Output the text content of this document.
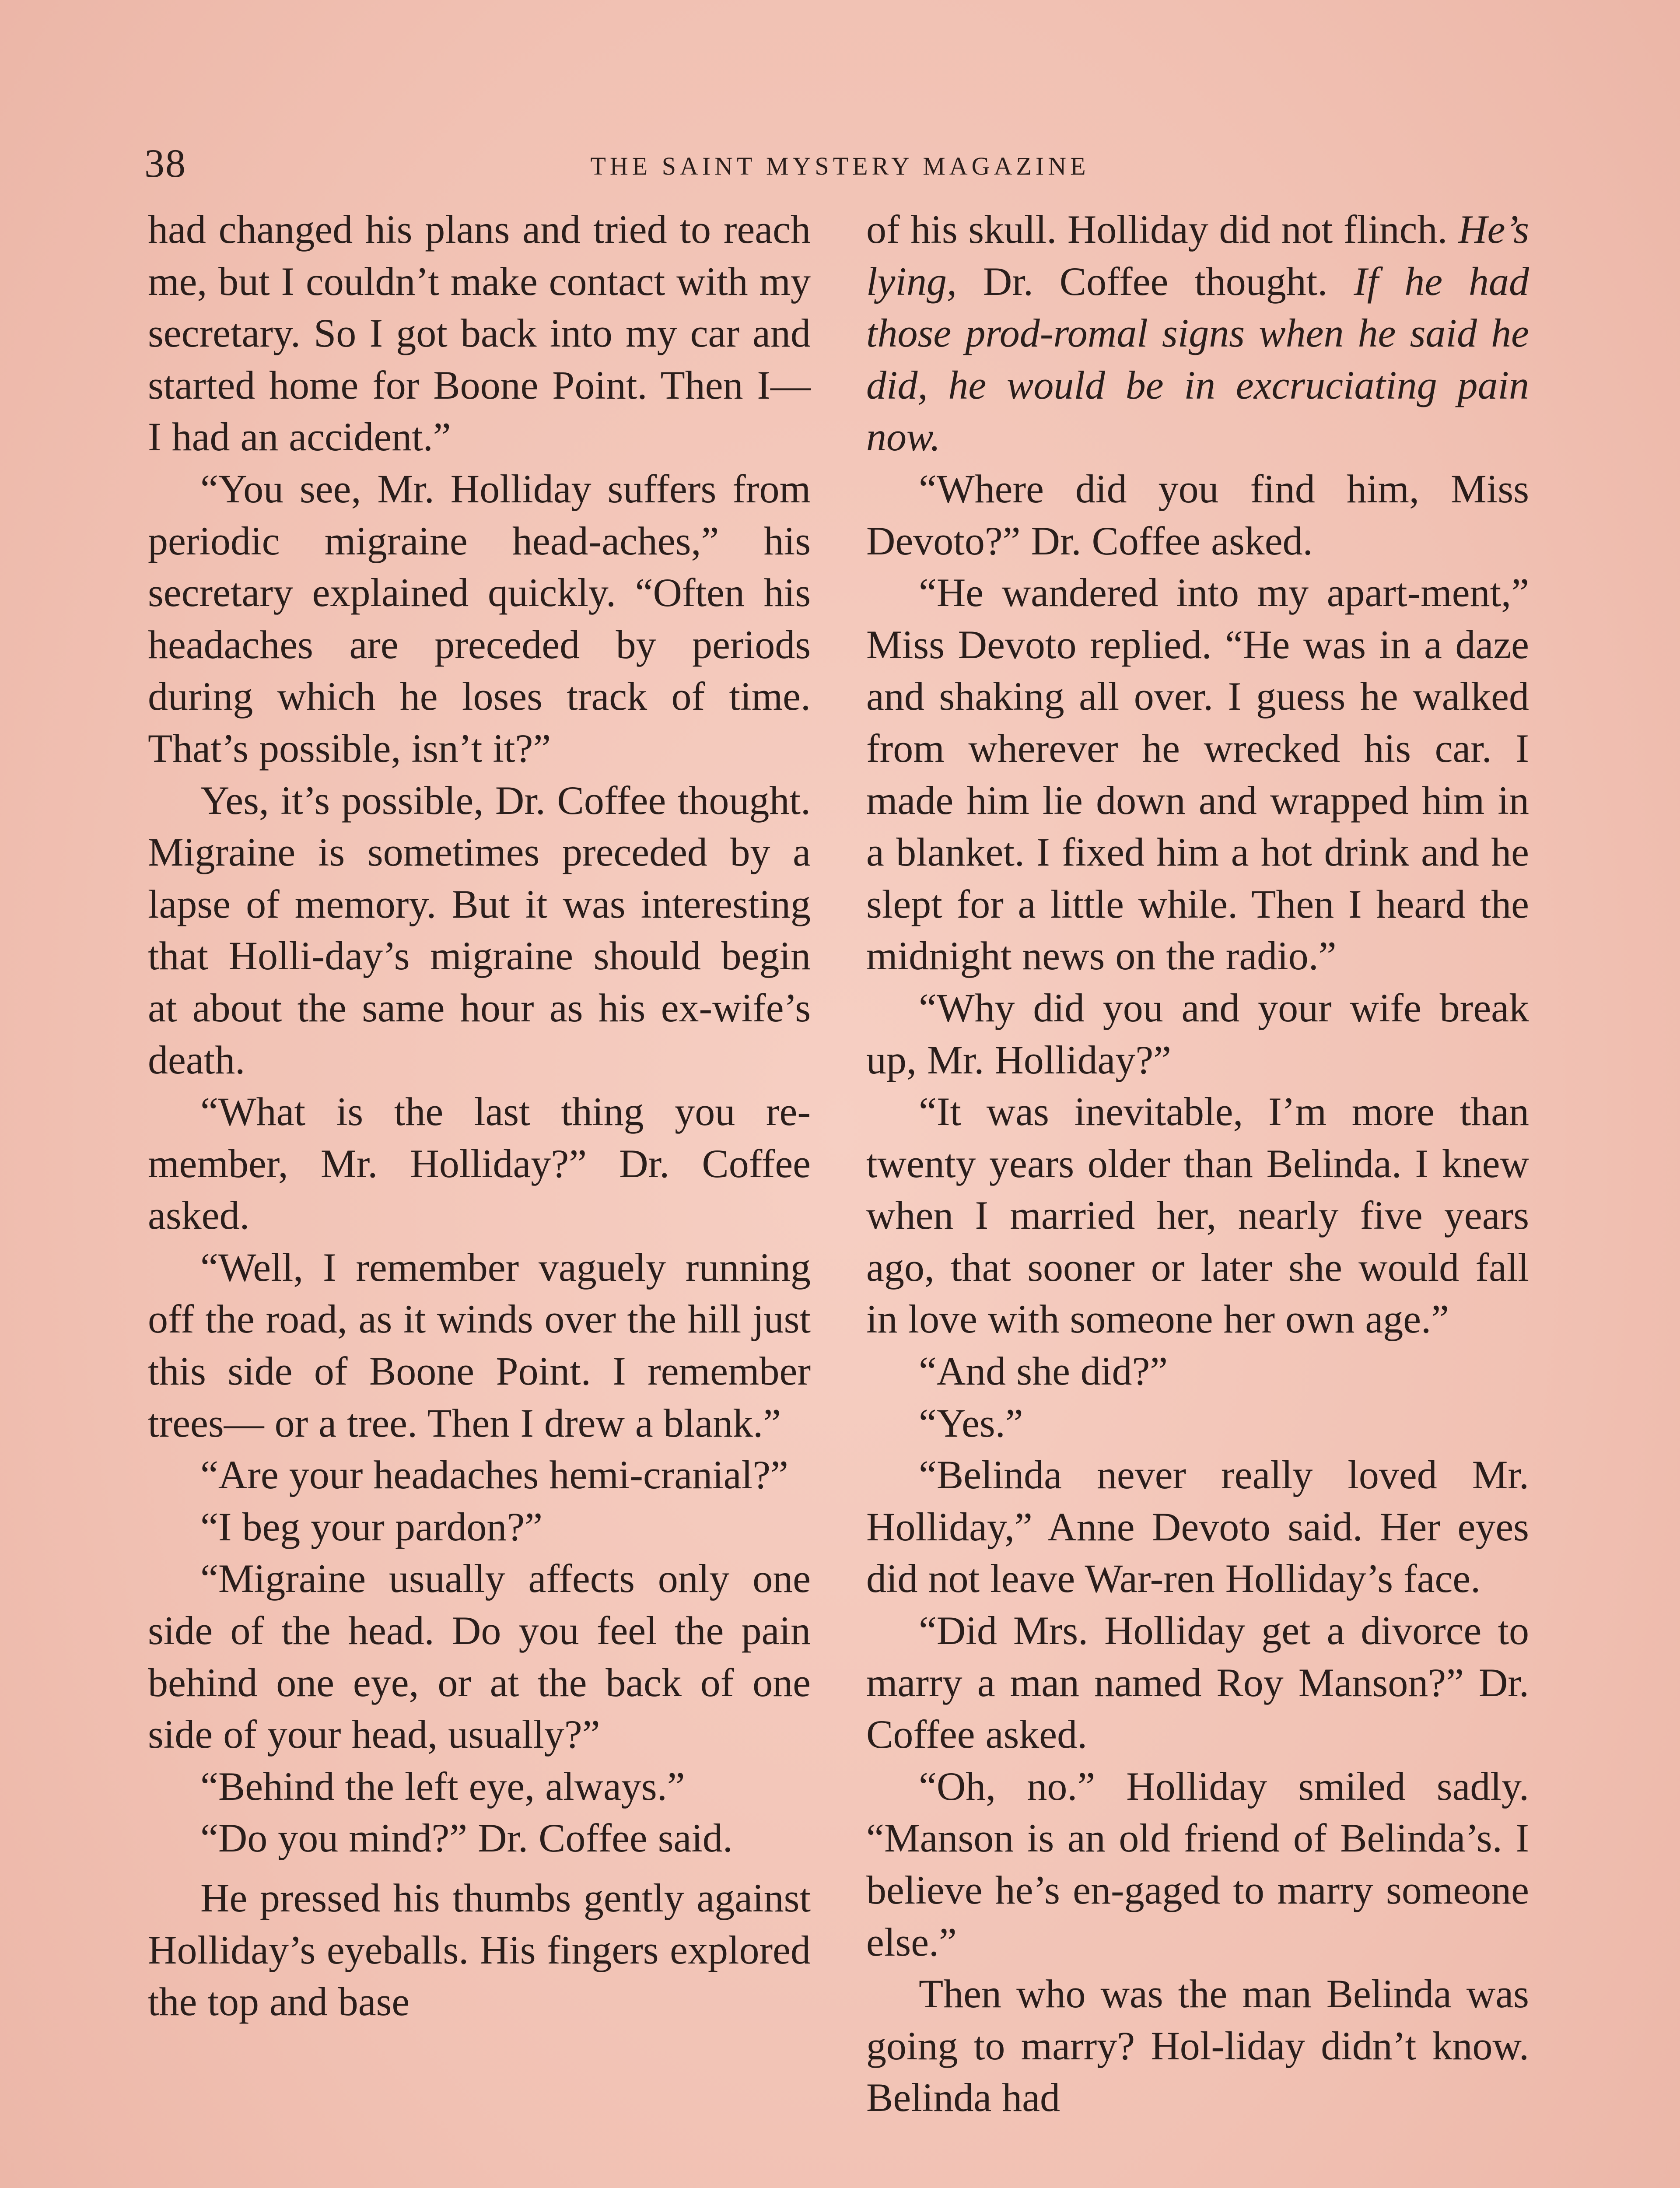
38	THE SAINT MYSTERY MAGAZINE

had changed his plans and tried to reach me, but I couldn’t make contact with my secretary. So I got back into my car and started home for Boone Point. Then I— I had an accident.”

“You see, Mr. Holliday suffers from periodic migraine head-aches,” his secretary explained quickly. “Often his headaches are preceded by periods during which he loses track of time. That’s possible, isn’t it?”

Yes, it’s possible, Dr. Coffee thought. Migraine is sometimes preceded by a lapse of memory. But it was interesting that Holli-day’s migraine should begin at about the same hour as his ex-wife’s death.

“What is the last thing you re-member, Mr. Holliday?” Dr. Coffee asked.

“Well, I remember vaguely running off the road, as it winds over the hill just this side of Boone Point. I remember trees— or a tree. Then I drew a blank.”

“Are your headaches hemi-cranial?”

“I beg your pardon?”

“Migraine usually affects only one side of the head. Do you feel the pain behind one eye, or at the back of one side of your head, usually?”

“Behind the left eye, always.”

“Do you mind?” Dr. Coffee said.

He pressed his thumbs gently against Holliday’s eyeballs. His fingers explored the top and base

of his skull. Holliday did not flinch. He’s lying, Dr. Coffee thought. If he had those prod-romal signs when he said he did, he would be in excruciating pain now.

“Where did you find him, Miss Devoto?” Dr. Coffee asked.

“He wandered into my apart-ment,” Miss Devoto replied. “He was in a daze and shaking all over. I guess he walked from wherever he wrecked his car. I made him lie down and wrapped him in a blanket. I fixed him a hot drink and he slept for a little while. Then I heard the midnight news on the radio.”

“Why did you and your wife break up, Mr. Holliday?”

“It was inevitable, I’m more than twenty years older than Belinda. I knew when I married her, nearly five years ago, that sooner or later she would fall in love with someone her own age.”

“And she did?”

“Yes.”

“Belinda never really loved Mr. Holliday,” Anne Devoto said. Her eyes did not leave War-ren Holliday’s face.

“Did Mrs. Holliday get a divorce to marry a man named Roy Manson?” Dr. Coffee asked.

“Oh, no.” Holliday smiled sadly. “Manson is an old friend of Belinda’s. I believe he’s en-gaged to marry someone else.”

Then who was the man Belinda was going to marry? Hol-liday didn’t know. Belinda had
